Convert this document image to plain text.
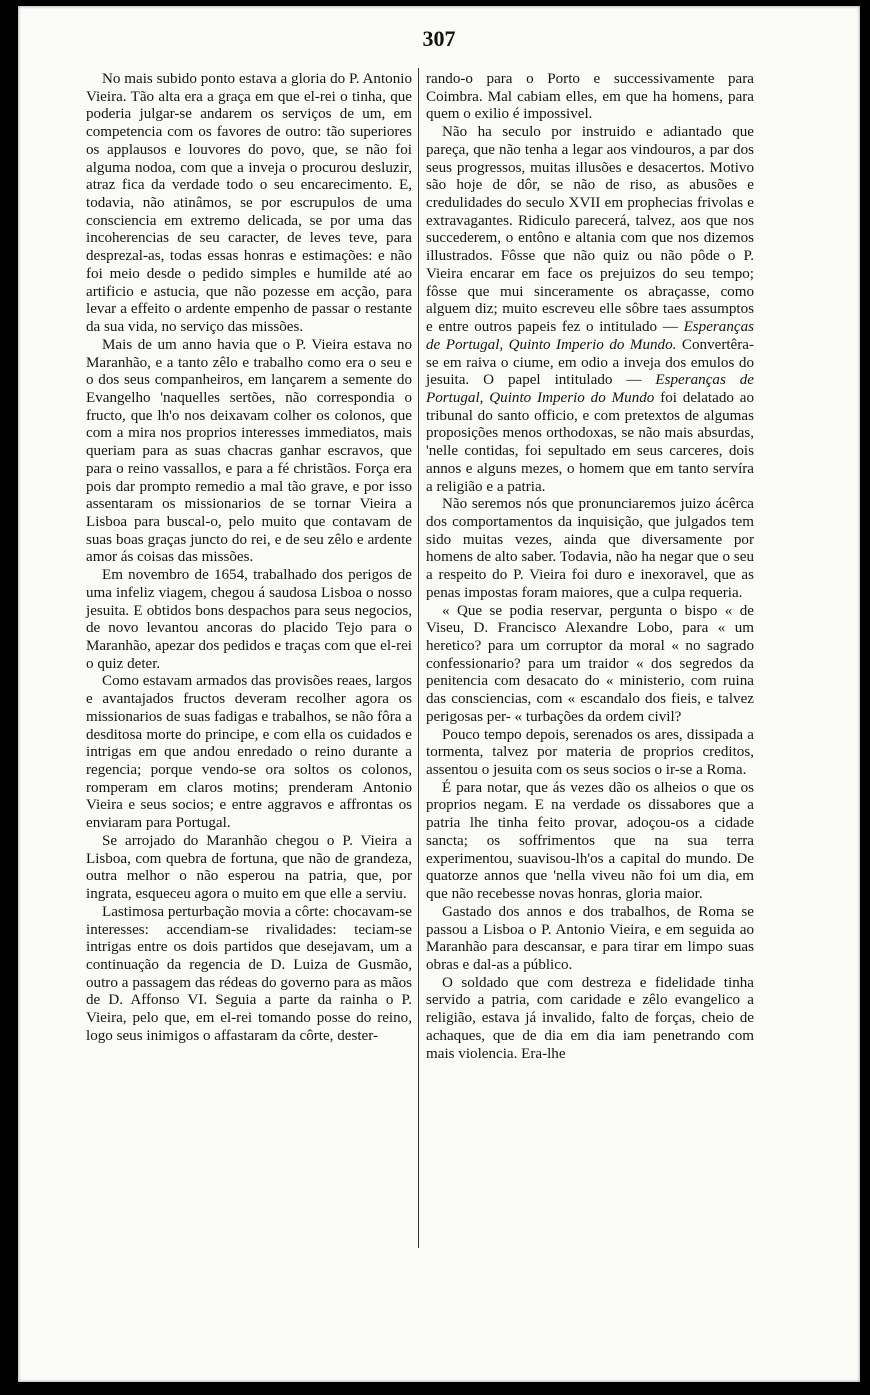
307

No mais subido ponto estava a gloria do P. Antonio Vieira. Tão alta era a graça em que el-rei o tinha, que poderia julgar-se andarem os serviços de um, em competencia com os favores de outro: tão superiores os applausos e louvores do povo, que, se não foi alguma nodoa, com que a inveja o procurou desluzir, atraz fica da verdade todo o seu encarecimento. E, todavia, não atinâmos, se por escrupulos de uma consciencia em extremo delicada, se por uma das incoherencias de seu caracter, de leves teve, para desprezal-as, todas essas honras e estimações: e não foi meio desde o pedido simples e humilde até ao artificio e astucia, que não pozesse em acção, para levar a effeito o ardente empenho de passar o restante da sua vida, no serviço das missões.

Mais de um anno havia que o P. Vieira estava no Maranhão, e a tanto zêlo e trabalho como era o seu e o dos seus companheiros, em lançarem a semente do Evangelho 'naquelles sertões, não correspondia o fructo, que lh'o nos deixavam colher os colonos, que com a mira nos proprios interesses immediatos, mais queriam para as suas chacras ganhar escravos, que para o reino vassallos, e para a fé christãos. Força era pois dar prompto remedio a mal tão grave, e por isso assentaram os missionarios de se tornar Vieira a Lisboa para buscal-o, pelo muito que contavam de suas boas graças juncto do rei, e de seu zêlo e ardente amor ás coisas das missões.

Em novembro de 1654, trabalhado dos perigos de uma infeliz viagem, chegou á saudosa Lisboa o nosso jesuita. E obtidos bons despachos para seus negocios, de novo levantou ancoras do placido Tejo para o Maranhão, apezar dos pedidos e traças com que el-rei o quiz deter.

Como estavam armados das provisões reaes, largos e avantajados fructos deveram recolher agora os missionarios de suas fadigas e trabalhos, se não fôra a desditosa morte do principe, e com ella os cuidados e intrigas em que andou enredado o reino durante a regencia; porque vendo-se ora soltos os colonos, romperam em claros motins; prenderam Antonio Vieira e seus socios; e entre aggravos e affrontas os enviaram para Portugal.

Se arrojado do Maranhão chegou o P. Vieira a Lisboa, com quebra de fortuna, que não de grandeza, outra melhor o não esperou na patria, que, por ingrata, esqueceu agora o muito em que elle a serviu.

Lastimosa perturbação movia a côrte: chocavam-se interesses: accendiam-se rivalidades: teciam-se intrigas entre os dois partidos que desejavam, um a continuação da regencia de D. Luiza de Gusmão, outro a passagem das rédeas do governo para as mãos de D. Affonso VI. Seguia a parte da rainha o P. Vieira, pelo que, em el-rei tomando posse do reino, logo seus inimigos o affastaram da côrte, dester-

rando-o para o Porto e successivamente para Coimbra. Mal cabiam elles, em que ha homens, para quem o exilio é impossivel.

Não ha seculo por instruido e adiantado que pareça, que não tenha a legar aos vindouros, a par dos seus progressos, muitas illusões e desacertos. Motivo são hoje de dôr, se não de riso, as abusões e credulidades do seculo XVII em prophecias frivolas e extravagantes. Ridiculo parecerá, talvez, aos que nos succederem, o entôno e altania com que nos dizemos illustrados. Fôsse que não quiz ou não pôde o P. Vieira encarar em face os prejuizos do seu tempo; fôsse que mui sinceramente os abraçasse, como alguem diz; muito escreveu elle sôbre taes assumptos e entre outros papeis fez o intitulado — Esperanças de Portugal, Quinto Imperio do Mundo. Convertêra-se em raiva o ciume, em odio a inveja dos emulos do jesuita. O papel intitulado — Esperanças de Portugal, Quinto Imperio do Mundo foi delatado ao tribunal do santo officio, e com pretextos de algumas proposições menos orthodoxas, se não mais absurdas, 'nelle contidas, foi sepultado em seus carceres, dois annos e alguns mezes, o homem que em tanto servíra a religião e a patria.

Não seremos nós que pronunciaremos juizo ácêrca dos comportamentos da inquisição, que julgados tem sido muitas vezes, ainda que diversamente por homens de alto saber. Todavia, não ha negar que o seu a respeito do P. Vieira foi duro e inexoravel, que as penas impostas foram maiores, que a culpa requeria.

« Que se podia reservar, pergunta o bispo « de Viseu, D. Francisco Alexandre Lobo, para « um heretico? para um corruptor da moral « no sagrado confessionario? para um traidor « dos segredos da penitencia com desacato do « ministerio, com ruina das consciencias, com « escandalo dos fieis, e talvez perigosas per- « turbações da ordem civil?

Pouco tempo depois, serenados os ares, dissipada a tormenta, talvez por materia de proprios creditos, assentou o jesuita com os seus socios o ir-se a Roma.

É para notar, que ás vezes dão os alheios o que os proprios negam. E na verdade os dissabores que a patria lhe tinha feito provar, adoçou-os a cidade sancta; os soffrimentos que na sua terra experimentou, suavisou-lh'os a capital do mundo. De quatorze annos que 'nella viveu não foi um dia, em que não recebesse novas honras, gloria maior.

Gastado dos annos e dos trabalhos, de Roma se passou a Lisboa o P. Antonio Vieira, e em seguida ao Maranhão para descansar, e para tirar em limpo suas obras e dal-as a público.

O soldado que com destreza e fidelidade tinha servido a patria, com caridade e zêlo evangelico a religião, estava já invalido, falto de forças, cheio de achaques, que de dia em dia iam penetrando com mais violencia. Era-lhe
